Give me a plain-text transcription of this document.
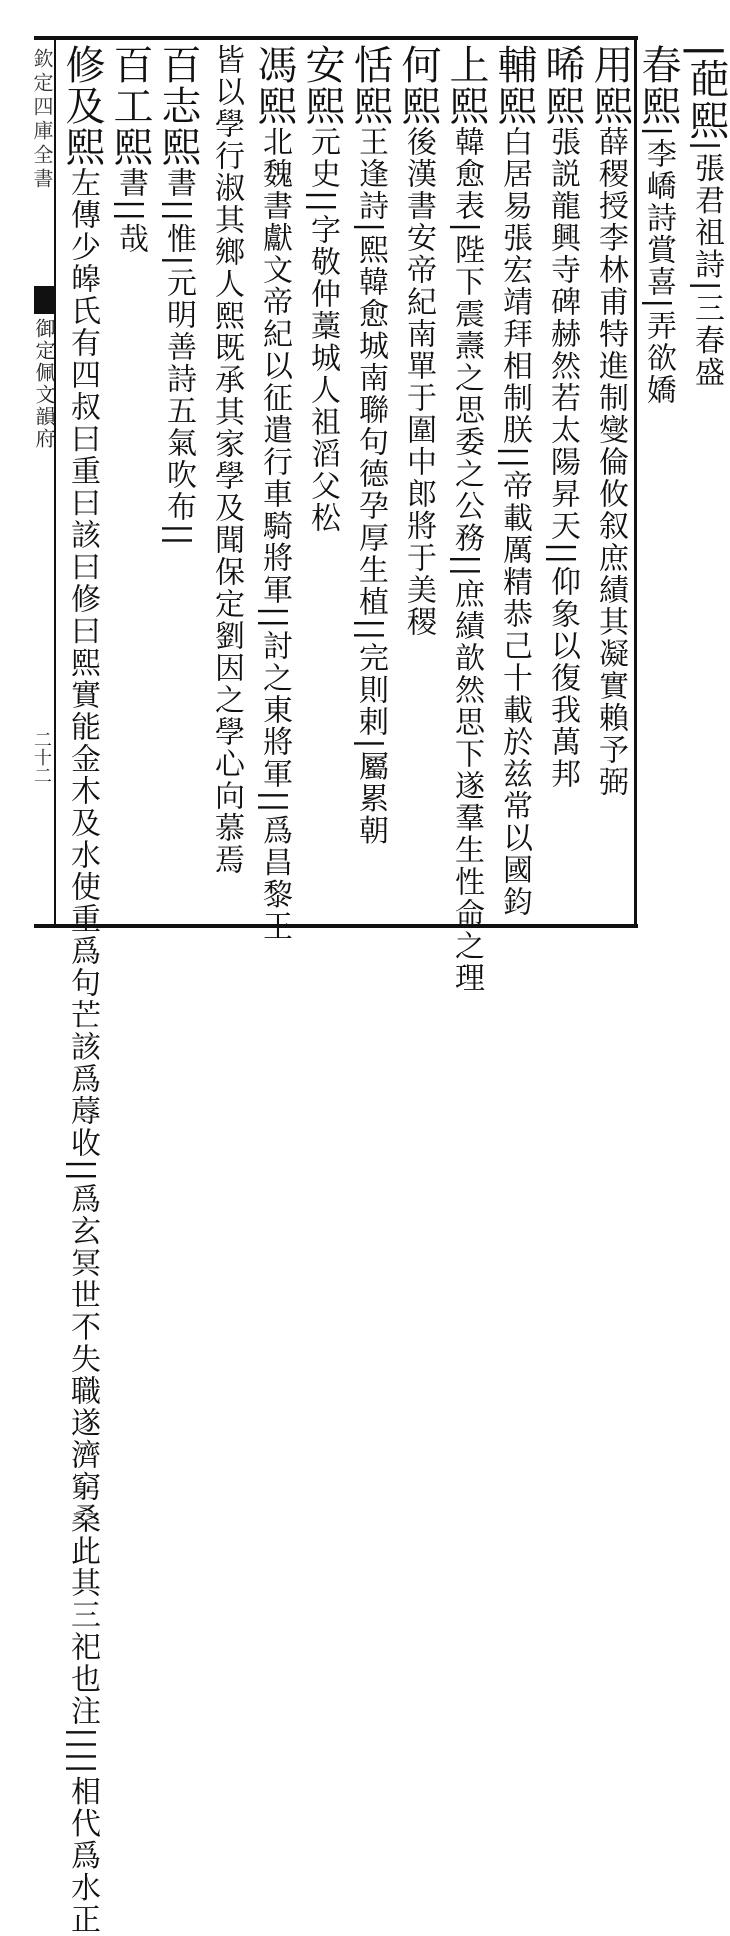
欽定四庫全書
御定佩文韻府
二十二
|葩熙|張君祖詩|三春盛
春熙|李嶠詩賞喜|弄欲嬌
用熙薛稷授李林甫特進制燮倫攸叙庶績其凝實賴予弼
晞熙張説龍興寺碑赫然若太陽昇天||仰象以復我萬邦
輔熙白居易張宏靖拜相制朕||帝載厲精恭己十載於兹常以國鈞
上熙韓愈表|陛下震燾之思委之公務||庶績歆然思下遂羣生性命之理
何熙後漢書安帝紀南單于圍中郎將于美稷
恬熙王逢詩|熙韓愈城南聯句德孕厚生植||完則剌|屬累朝
安熙元史||字敬仲藁城人祖滔父松
馮熙北魏書獻文帝紀以征遣行車騎將軍||討之東將軍||爲昌黎王
皆以學行淑其鄉人熙既承其家學及聞保定劉因之學心向慕焉
百志熙書||惟|元明善詩五氣吹布||
百工熙書||哉
修及熙左傳少皞氏有四叔曰重曰該曰修曰熙實能金木及水使重爲句芒該爲蓐收||爲玄冥世不失職遂濟窮桑此其三祀也注||||相代爲水正
